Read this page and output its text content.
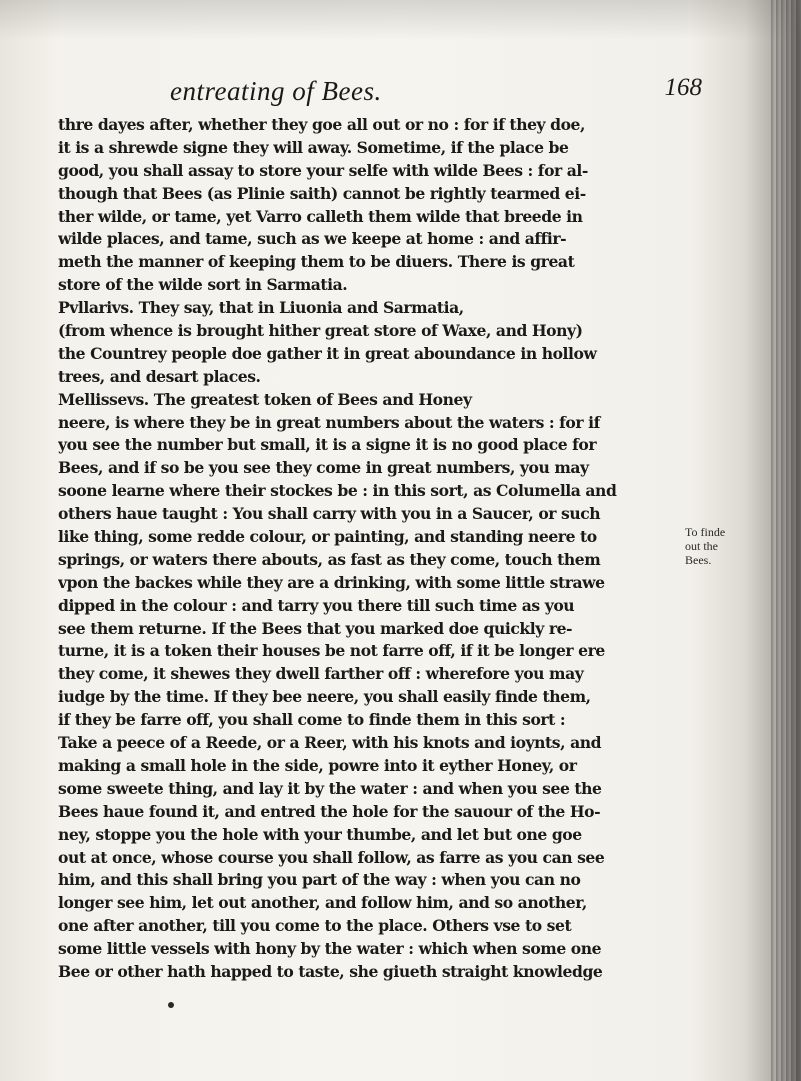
entreating of Bees.	168
thre dayes after, whether they goe all out or no : for if they doe,
it is a shrewde signe they will away. Sometime, if the place be
good, you shall assay to store your selfe with wilde Bees : for al-
though that Bees (as Plinie saith) cannot be rightly tearmed ei-
ther wilde, or tame, yet Varro calleth them wilde that breede in
wilde places, and tame, such as we keepe at home : and affir-
meth the manner of keeping them to be diuers. There is great
store of the wilde sort in Sarmatia.
Pvllarivs. They say, that in Liuonia and Sarmatia,
(from whence is brought hither great store of Waxe, and Hony)
the Countrey people doe gather it in great aboundance in hollow
trees, and desart places.
Mellissevs. The greatest token of Bees and Honey
neere, is where they be in great numbers about the waters : for if
you see the number but small, it is a signe it is no good place for
Bees, and if so be you see they come in great numbers, you may
soone learne where their stockes be : in this sort, as Columella and
others haue taught : You shall carry with you in a Saucer, or such
like thing, some redde colour, or painting, and standing neere to
springs, or waters there abouts, as fast as they come, touch them
vpon the backes while they are a drinking, with some little strawe
dipped in the colour : and tarry you there till such time as you
see them returne. If the Bees that you marked doe quickly re-
turne, it is a token their houses be not farre off, if it be longer ere
they come, it shewes they dwell farther off : wherefore you may
iudge by the time. If they bee neere, you shall easily finde them,
if they be farre off, you shall come to finde them in this sort :
Take a peece of a Reede, or a Reer, with his knots and ioynts, and
making a small hole in the side, powre into it eyther Honey, or
some sweete thing, and lay it by the water : and when you see the
Bees haue found it, and entred the hole for the sauour of the Ho-
ney, stoppe you the hole with your thumbe, and let but one goe
out at once, whose course you shall follow, as farre as you can see
him, and this shall bring you part of the way : when you can no
longer see him, let out another, and follow him, and so another,
one after another, till you come to the place. Others vse to set
some little vessels with hony by the water : which when some one
Bee or other hath happed to taste, she giueth straight knowledge
To finde
out the
Bees.
